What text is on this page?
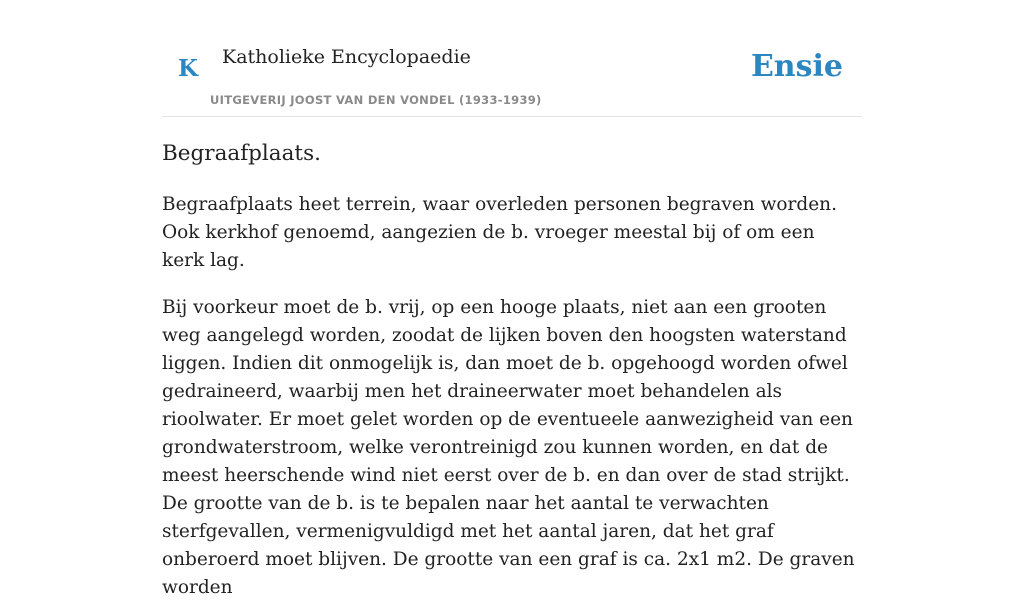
K Katholieke Encyclopaedie
UITGEVERIJ JOOST VAN DEN VONDEL (1933-1939)
Ensie
Begraafplaats.

Begraafplaats heet terrein, waar overleden personen begraven worden. Ook kerkhof genoemd, aangezien de b. vroeger meestal bij of om een kerk lag.

Bij voorkeur moet de b. vrij, op een hooge plaats, niet aan een grooten weg aangelegd worden, zoodat de lijken boven den hoogsten waterstand liggen. Indien dit onmogelijk is, dan moet de b. opgehoogd worden ofwel gedraineerd, waarbij men het draineerwater moet behandelen als rioolwater. Er moet gelet worden op de eventueele aanwezigheid van een grondwaterstroom, welke verontreinigd zou kunnen worden, en dat de meest heerschende wind niet eerst over de b. en dan over de stad strijkt. De grootte van de b. is te bepalen naar het aantal te verwachten sterfgevallen, vermenigvuldigd met het aantal jaren, dat het graf onberoerd moet blijven. De grootte van een graf is ca. 2x1 m2. De graven worden
